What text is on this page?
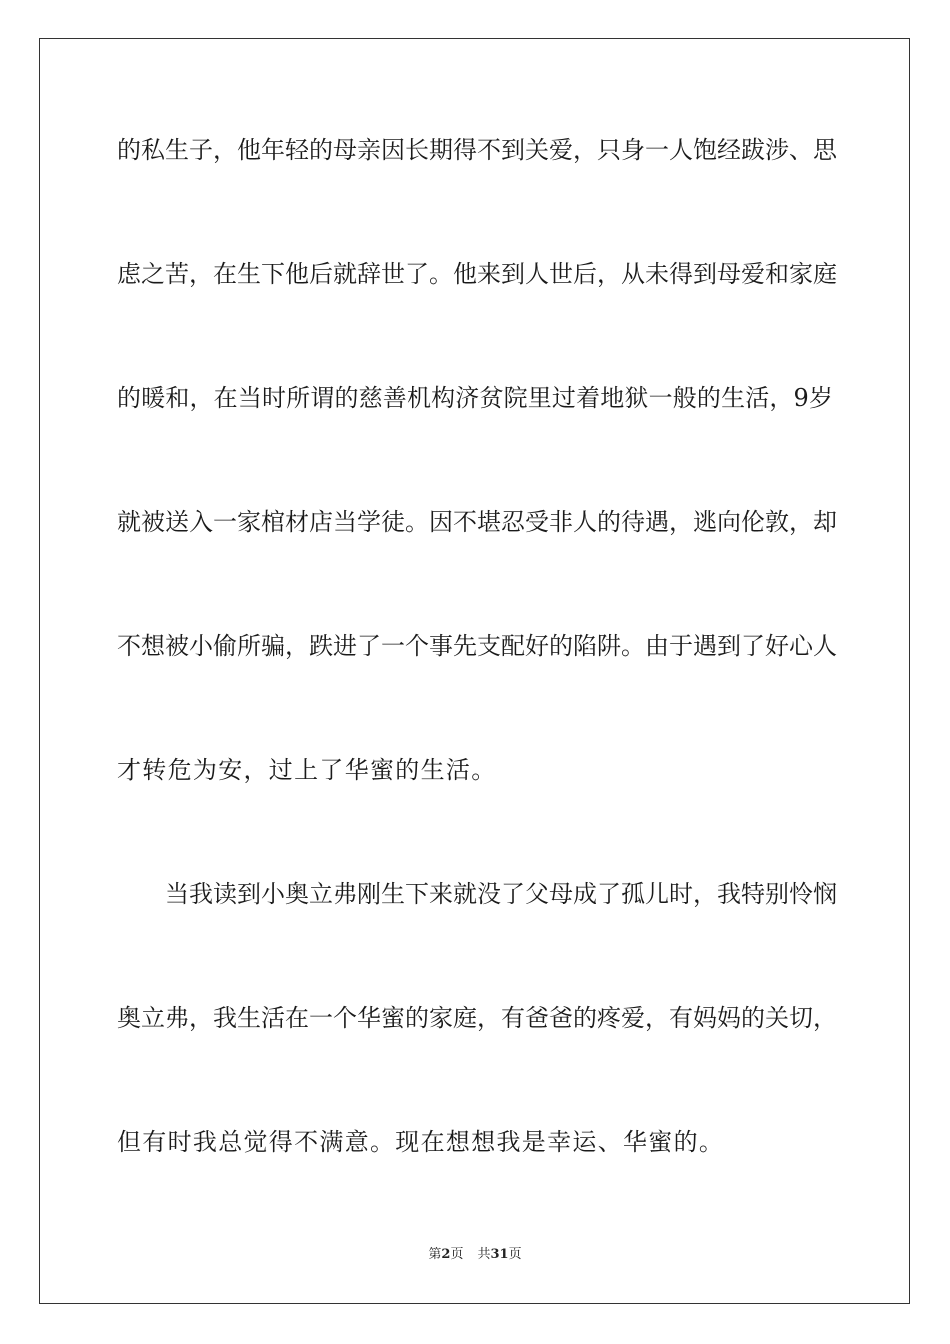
的私生子，他年轻的母亲因长期得不到关爱，只身一人饱经跋涉、思
虑之苦，在生下他后就辞世了。他来到人世后，从未得到母爱和家庭
的暖和，在当时所谓的慈善机构济贫院里过着地狱一般的生活，9岁
就被送入一家棺材店当学徒。因不堪忍受非人的待遇，逃向伦敦，却
不想被小偷所骗，跌进了一个事先支配好的陷阱。由于遇到了好心人
才转危为安，过上了华蜜的生活。
当我读到小奥立弗刚生下来就没了父母成了孤儿时，我特别怜悯
奥立弗，我生活在一个华蜜的家庭，有爸爸的疼爱，有妈妈的关切，
但有时我总觉得不满意。现在想想我是幸运、华蜜的。
第2页 共31页
